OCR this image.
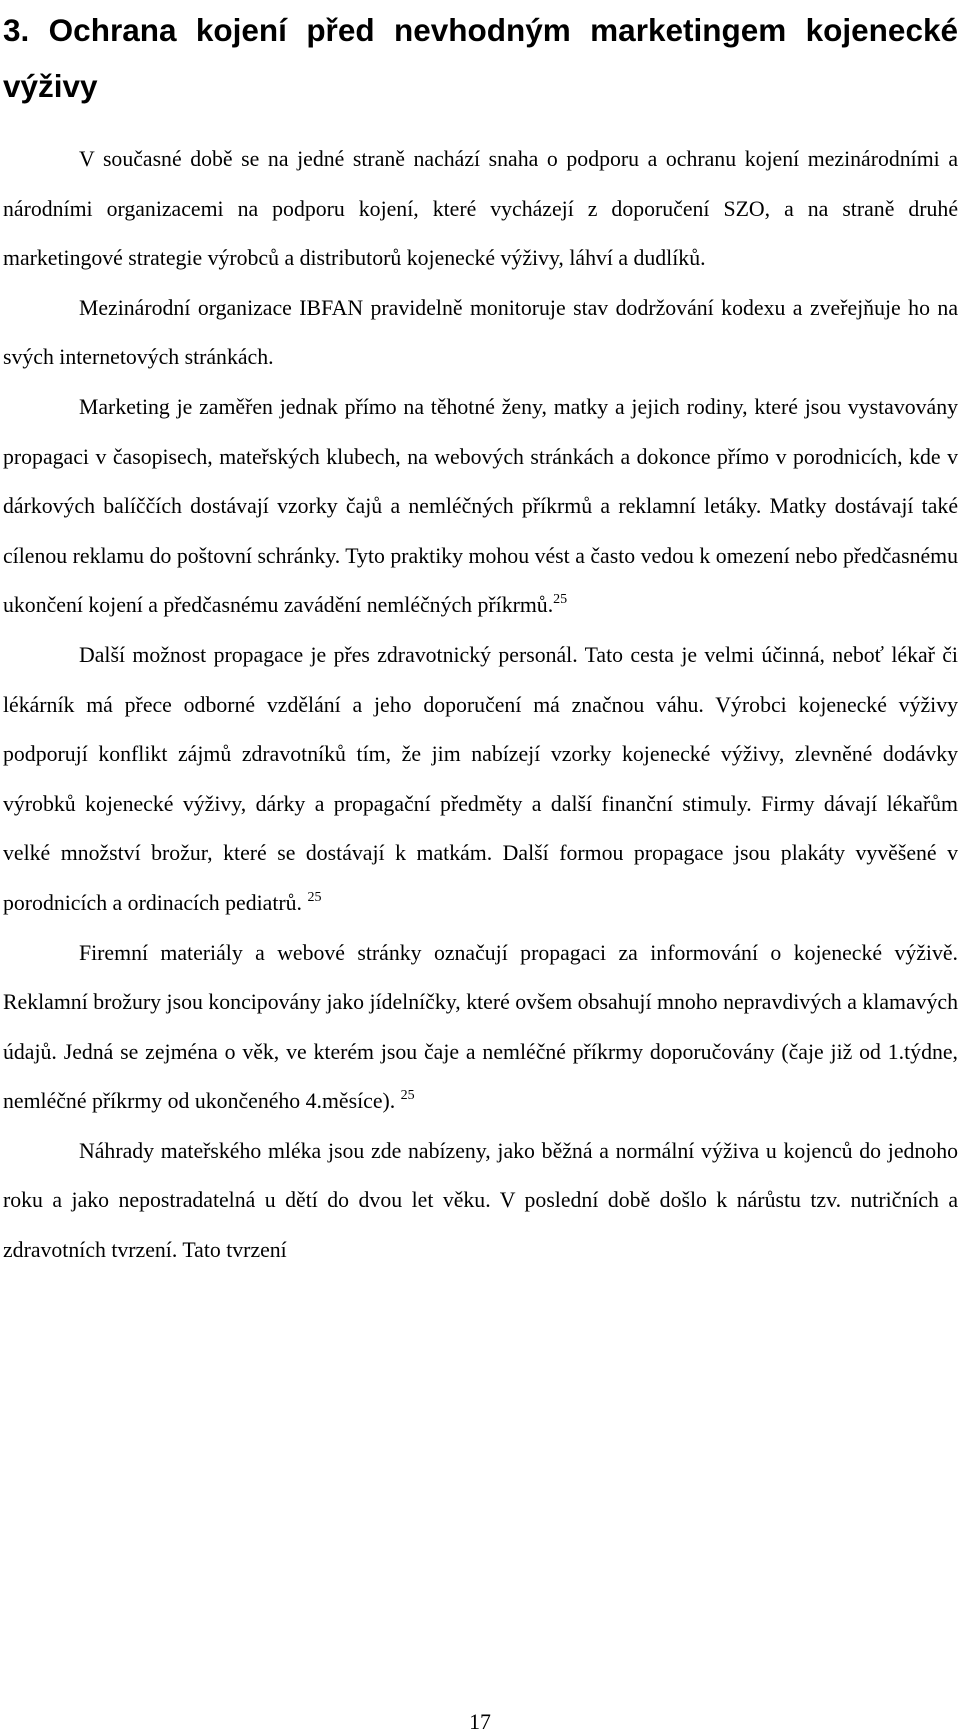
3. Ochrana kojení před nevhodným marketingem kojenecké výživy

V současné době se na jedné straně nachází snaha o podporu a ochranu kojení mezinárodními a národními organizacemi na podporu kojení, které vycházejí z doporučení SZO, a na straně druhé marketingové strategie výrobců a distributorů kojenecké výživy, láhví a dudlíků.

Mezinárodní organizace IBFAN pravidelně monitoruje stav dodržování kodexu a zveřejňuje ho na svých internetových stránkách.

Marketing je zaměřen jednak přímo na těhotné ženy, matky a jejich rodiny, které jsou vystavovány propagaci v časopisech, mateřských klubech, na webových stránkách a dokonce přímo v porodnicích, kde v dárkových balíččích dostávají vzorky čajů a nemléčných příkrmů a reklamní letáky. Matky dostávají také cílenou reklamu do poštovní schránky. Tyto praktiky mohou vést a často vedou k omezení nebo předčasnému ukončení kojení a předčasnému zavádění nemléčných příkrmů.$^{25}$

Další možnost propagace je přes zdravotnický personál. Tato cesta je velmi účinná, neboť lékař či lékárník má přece odborné vzdělání a jeho doporučení má značnou váhu. Výrobci kojenecké výživy podporují konflikt zájmů zdravotníků tím, že jim nabízejí vzorky kojenecké výživy, zlevněné dodávky výrobků kojenecké výživy, dárky a propagační předměty a další finanční stimuly. Firmy dávají lékařům velké množství brožur, které se dostávají k matkám. Další formou propagace jsou plakáty vyvěšené v porodnicích a ordinacích pediatrů. $^{25}$

Firemní materiály a webové stránky označují propagaci za informování o kojenecké výživě. Reklamní brožury jsou koncipovány jako jídelníčky, které ovšem obsahují mnoho nepravdivých a klamavých údajů. Jedná se zejména o věk, ve kterém jsou čaje a nemléčné příkrmy doporučovány (čaje již od 1.týdne, nemléčné příkrmy od ukončeného 4.měsíce). $^{25}$

Náhrady mateřského mléka jsou zde nabízeny, jako běžná a normální výživa u kojenců do jednoho roku a jako nepostradatelná u dětí do dvou let věku. V poslední době došlo k nárůstu tzv. nutričních a zdravotních tvrzení. Tato tvrzení

17
